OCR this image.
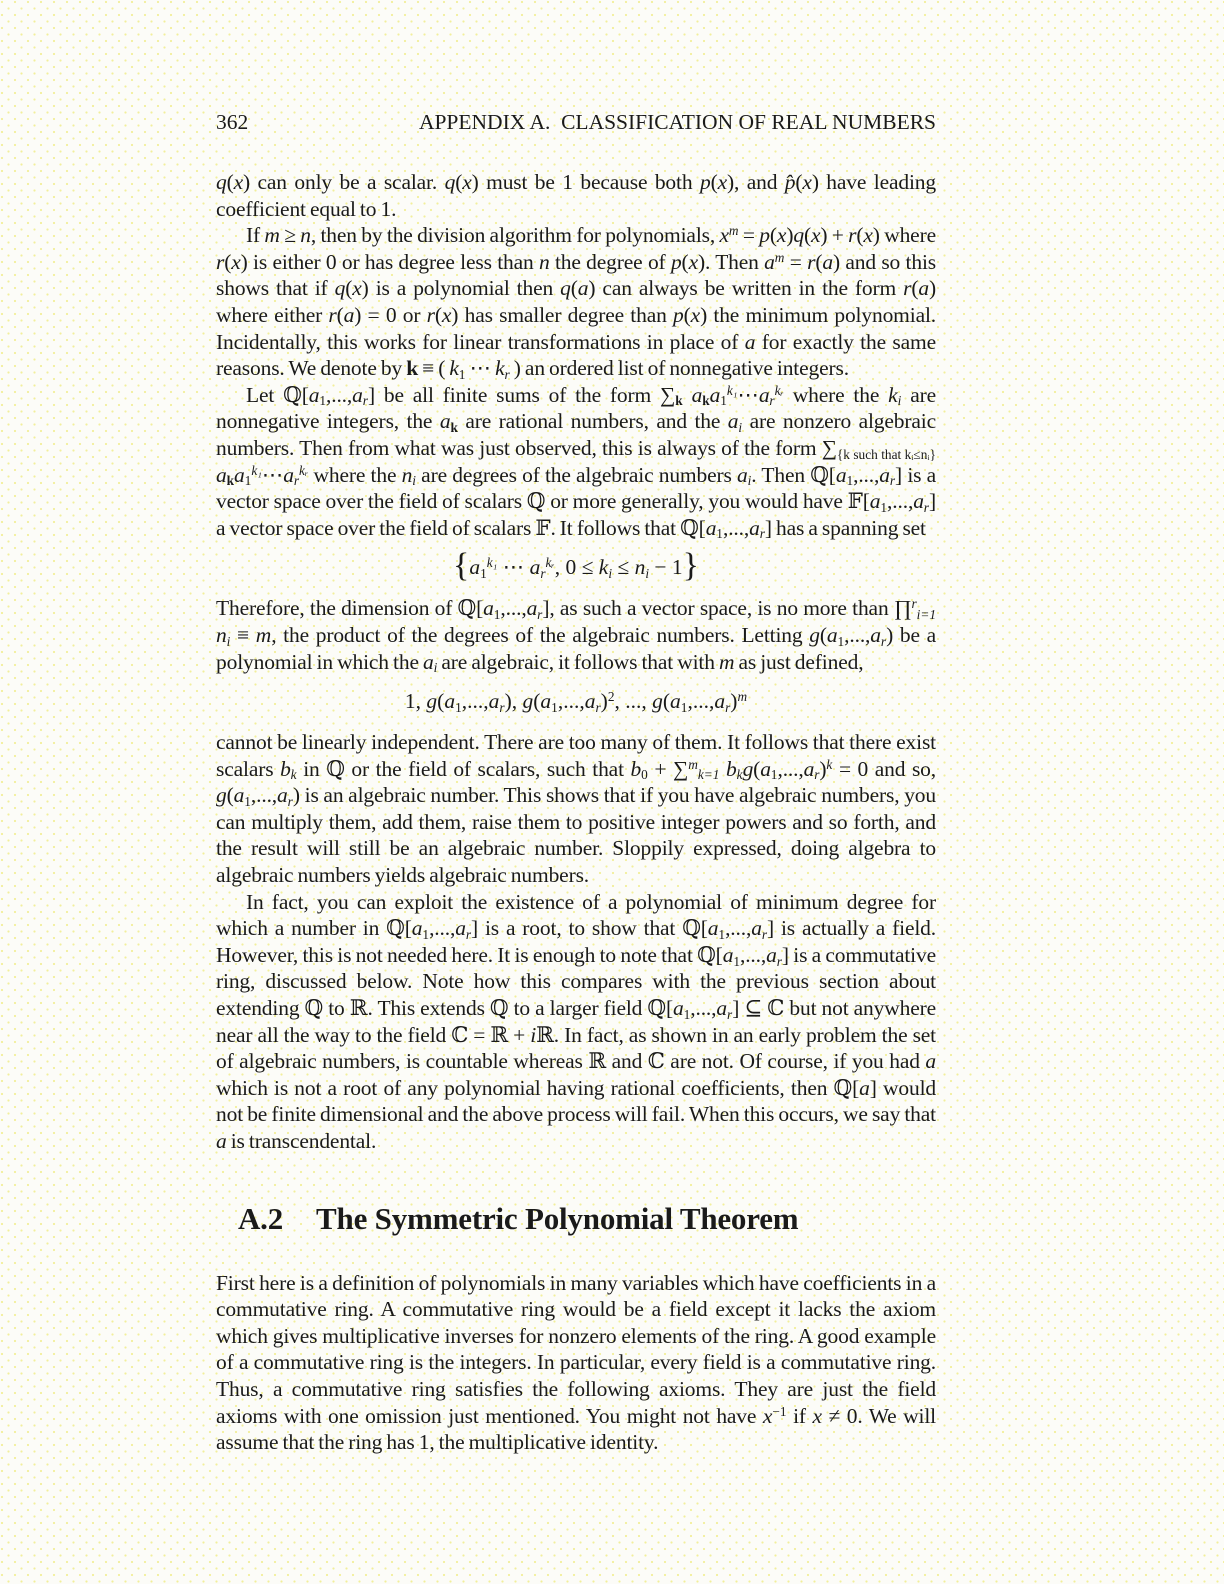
362	APPENDIX A.  CLASSIFICATION OF REAL NUMBERS

q(x) can only be a scalar. q(x) must be 1 because both p(x), and p̂(x) have leading coefficient equal to 1.

If m ≥ n, then by the division algorithm for polynomials, $x^m = p(x)q(x) + r(x)$ where r(x) is either 0 or has degree less than n the degree of p(x). Then $a^m = r(a)$ and so this shows that if q(x) is a polynomial then q(a) can always be written in the form r(a) where either r(a) = 0 or r(x) has smaller degree than p(x) the minimum polynomial. Incidentally, this works for linear transformations in place of a for exactly the same reasons. We denote by k ≡ ( k1 ⋯ kr ) an ordered list of nonnegative integers.

Let ℚ[a1,...,ar] be all finite sums of the form ∑k $aka1^{k_1}\cdots ar^{kᵣ}$ where the ki are nonnegative integers, the ak are rational numbers, and the ai are nonzero algebraic numbers. Then from what was just observed, this is always of the form ∑{k such that kᵢ≤nᵢ} $aka1^{k_1}\cdots ar^{kᵣ}$ where the ni are degrees of the algebraic numbers ai. Then ℚ[a1,...,ar] is a vector space over the field of scalars ℚ or more generally, you would have 𝔽[a1,...,ar] a vector space over the field of scalars 𝔽. It follows that ℚ[a1,...,ar] has a spanning set

{$a1^{k_1}$ ⋯ $ar^{kᵣ}$, 0 ≤ ki ≤ ni − 1}

Therefore, the dimension of ℚ[a1,...,ar], as such a vector space, is no more than ∏$^r$i=1 ni ≡ m, the product of the degrees of the algebraic numbers. Letting g(a1,...,ar) be a polynomial in which the ai are algebraic, it follows that with m as just defined,

1, g(a1,...,ar), $g(a1,...,ar)^2$, ..., $g(a1,...,ar)^m$

cannot be linearly independent. There are too many of them. It follows that there exist scalars bk in ℚ or the field of scalars, such that b0 + ∑$^m$k=1 $bkg(a1,...,ar)^k = 0$ and so, g(a1,...,ar) is an algebraic number. This shows that if you have algebraic numbers, you can multiply them, add them, raise them to positive integer powers and so forth, and the result will still be an algebraic number. Sloppily expressed, doing algebra to algebraic numbers yields algebraic numbers.

In fact, you can exploit the existence of a polynomial of minimum degree for which a number in ℚ[a1,...,ar] is a root, to show that ℚ[a1,...,ar] is actually a field. However, this is not needed here. It is enough to note that ℚ[a1,...,ar] is a commutative ring, discussed below. Note how this compares with the previous section about extending ℚ to ℝ. This extends ℚ to a larger field ℚ[a1,...,ar] ⊆ ℂ but not anywhere near all the way to the field ℂ = ℝ + iℝ. In fact, as shown in an early problem the set of algebraic numbers, is countable whereas ℝ and ℂ are not. Of course, if you had a which is not a root of any polynomial having rational coefficients, then ℚ[a] would not be finite dimensional and the above process will fail. When this occurs, we say that a is transcendental.

A.2 The Symmetric Polynomial Theorem

First here is a definition of polynomials in many variables which have coefficients in a commutative ring. A commutative ring would be a field except it lacks the axiom which gives multiplicative inverses for nonzero elements of the ring. A good example of a commutative ring is the integers. In particular, every field is a commutative ring. Thus, a commutative ring satisfies the following axioms. They are just the field axioms with one omission just mentioned. You might not have $x^{-1}$ if x ≠ 0. We will assume that the ring has 1, the multiplicative identity.
